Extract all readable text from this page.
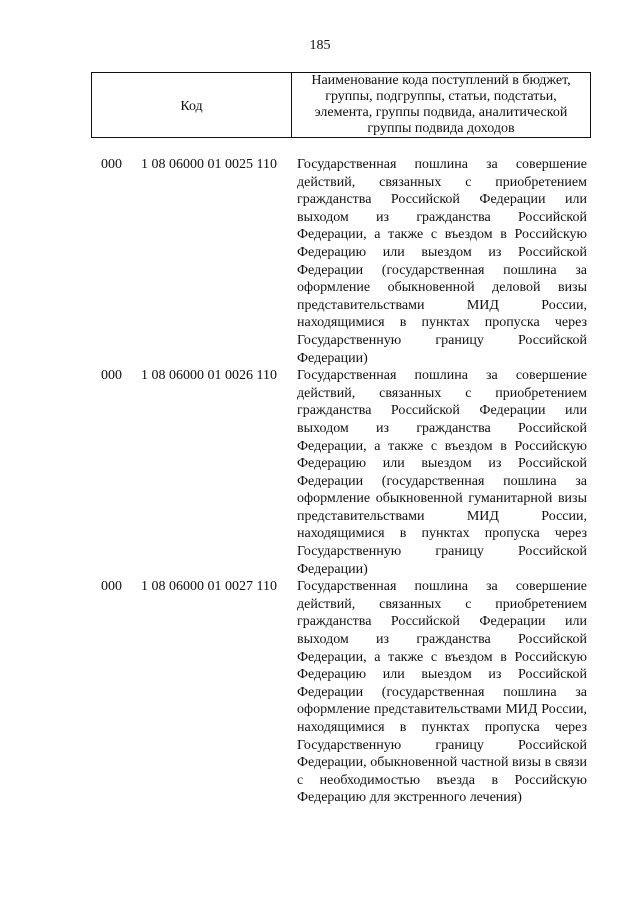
185
Код
Наименование кода поступлений в бюджет, группы, подгруппы, статьи, подстатьи, элемента, группы подвида, аналитической группы подвида доходов
000 1 08 06000 01 0025 110 Государственная пошлина за совершение действий, связанных с приобретением гражданства Российской Федерации или выходом из гражданства Российской Федерации, а также с въездом в Российскую Федерацию или выездом из Российской Федерации (государственная пошлина за оформление обыкновенной деловой визы представительствами МИД России, находящимися в пунктах пропуска через Государственную границу Российской Федерации)
000 1 08 06000 01 0026 110 Государственная пошлина за совершение действий, связанных с приобретением гражданства Российской Федерации или выходом из гражданства Российской Федерации, а также с въездом в Российскую Федерацию или выездом из Российской Федерации (государственная пошлина за оформление обыкновенной гуманитарной визы представительствами МИД России, находящимися в пунктах пропуска через Государственную границу Российской Федерации)
000 1 08 06000 01 0027 110 Государственная пошлина за совершение действий, связанных с приобретением гражданства Российской Федерации или выходом из гражданства Российской Федерации, а также с въездом в Российскую Федерацию или выездом из Российской Федерации (государственная пошлина за оформление представительствами МИД России, находящимися в пунктах пропуска через Государственную границу Российской Федерации, обыкновенной частной визы в связи с необходимостью въезда в Российскую Федерацию для экстренного лечения)
